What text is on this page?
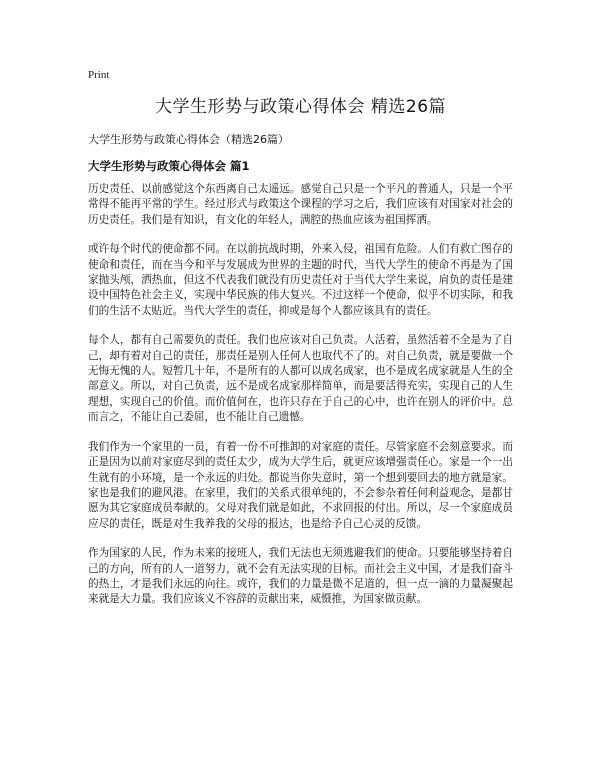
Print
大学生形势与政策心得体会 精选26篇

大学生形势与政策心得体会（精选26篇）

大学生形势与政策心得体会 篇1

历史责任、以前感觉这个东西离自己太遥远。感觉自己只是一个平凡的普通人，只是一个平常得不能再平常的学生。经过形式与政策这个课程的学习之后，我们应该有对国家对社会的历史责任。我们是有知识，有文化的年轻人，满腔的热血应该为祖国挥洒。

或许每个时代的使命都不同。在以前抗战时期，外来入侵，祖国有危险。人们有救亡图存的使命和责任，而在当今和平与发展成为世界的主题的时代，当代大学生的使命不再是为了国家抛头颅，洒热血，但这不代表我们就没有历史责任对于当代大学生来说，肩负的责任是建设中国特色社会主义，实现中华民族的伟大复兴。不过这样一个使命，似乎不切实际，和我们的生活不太贴近。当代大学生的责任，抑或是每个人都应该具有的责任。

每个人，都有自己需要负的责任。我们也应该对自己负责。人活着，虽然活着不全是为了自己，却有着对自己的责任，那责任是别人任何人也取代不了的。对自己负责，就是要做一个无悔无愧的人。短暂几十年，不是所有的人都可以成名成家，也不是成名成家就是人生的全部意义。所以，对自己负责，远不是成名成家那样简单，而是要活得充实，实现自己的人生理想，实现自己的价值。而价值何在，也许只存在于自己的心中，也许在别人的评价中。总而言之，不能让自己委屈，也不能让自己遗憾。

我们作为一个家里的一员，有着一份不可推卸的对家庭的责任。尽管家庭不会刻意要求。而正是因为以前对家庭尽到的责任太少，成为大学生后，就更应该增强责任心。家是一个一出生就有的小环境，是一个永远的归处。都说当你失意时，第一个想到要回去的地方就是家。家也是我们的避风港。在家里，我们的关系式很单纯的，不会参杂着任何利益观念，是都甘愿为其它家庭成员奉献的。父母对我们就是如此，不求回报的付出。所以，尽一个家庭成员应尽的责任，既是对生我养我的父母的报达，也是给予自己心灵的反馈。

作为国家的人民，作为未来的接班人，我们无法也无须逃避我们的使命。只要能够坚持着自己的方向，所有的人一道努力，就不会有无法实现的目标。而社会主义中国，才是我们奋斗的热土，才是我们永远的向往。或许，我们的力量是微不足道的，但一点一滴的力量凝聚起来就是大力量。我们应该义不容辞的贡献出来，威慑推，为国家做贡献。
